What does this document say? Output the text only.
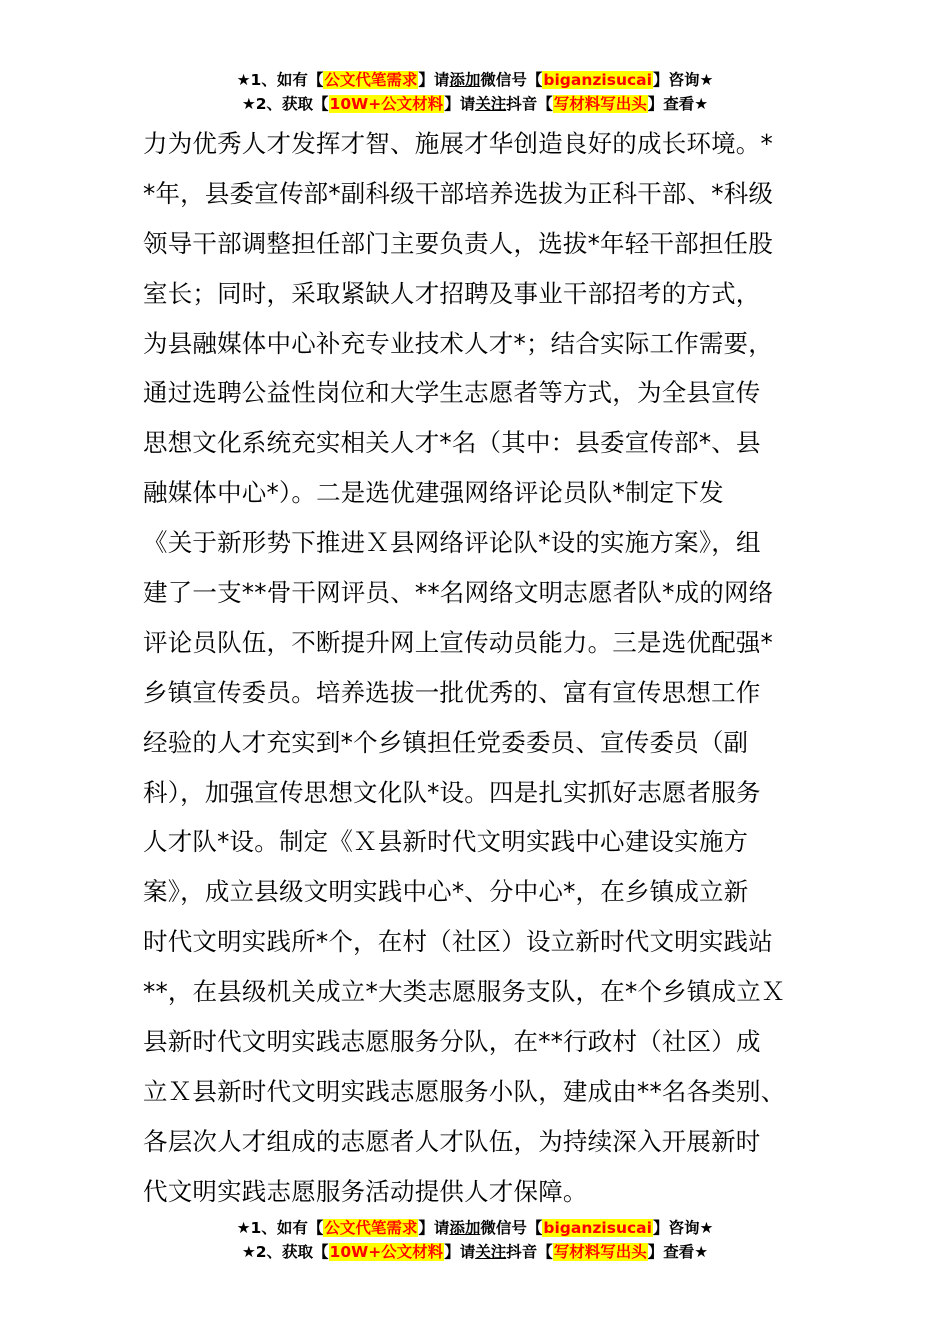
★1、如有【公文代笔需求】请添加微信号【biganzisucai】咨询★
★2、获取【10W+公文材料】请关注抖音【写材料写出头】查看★
力为优秀人才发挥才智、施展才华创造良好的成长环境。*
*年，县委宣传部*副科级干部培养选拔为正科干部、*科级
领导干部调整担任部门主要负责人，选拔*年轻干部担任股
室长；同时，采取紧缺人才招聘及事业干部招考的方式，
为县融媒体中心补充专业技术人才*；结合实际工作需要，
通过选聘公益性岗位和大学生志愿者等方式，为全县宣传
思想文化系统充实相关人才*名（其中：县委宣传部*、县
融媒体中心*）。二是选优建强网络评论员队*制定下发
《关于新形势下推进Ｘ县网络评论队*设的实施方案》，组
建了一支**骨干网评员、**名网络文明志愿者队*成的网络
评论员队伍，不断提升网上宣传动员能力。三是选优配强*
乡镇宣传委员。培养选拔一批优秀的、富有宣传思想工作
经验的人才充实到*个乡镇担任党委委员、宣传委员（副
科），加强宣传思想文化队*设。四是扎实抓好志愿者服务
人才队*设。制定《Ｘ县新时代文明实践中心建设实施方
案》，成立县级文明实践中心*、分中心*，在乡镇成立新
时代文明实践所*个，在村（社区）设立新时代文明实践站
**，在县级机关成立*大类志愿服务支队，在*个乡镇成立Ｘ
县新时代文明实践志愿服务分队，在**行政村（社区）成
立Ｘ县新时代文明实践志愿服务小队，建成由**名各类别、
各层次人才组成的志愿者人才队伍，为持续深入开展新时
代文明实践志愿服务活动提供人才保障。
★1、如有【公文代笔需求】请添加微信号【biganzisucai】咨询★
★2、获取【10W+公文材料】请关注抖音【写材料写出头】查看★
